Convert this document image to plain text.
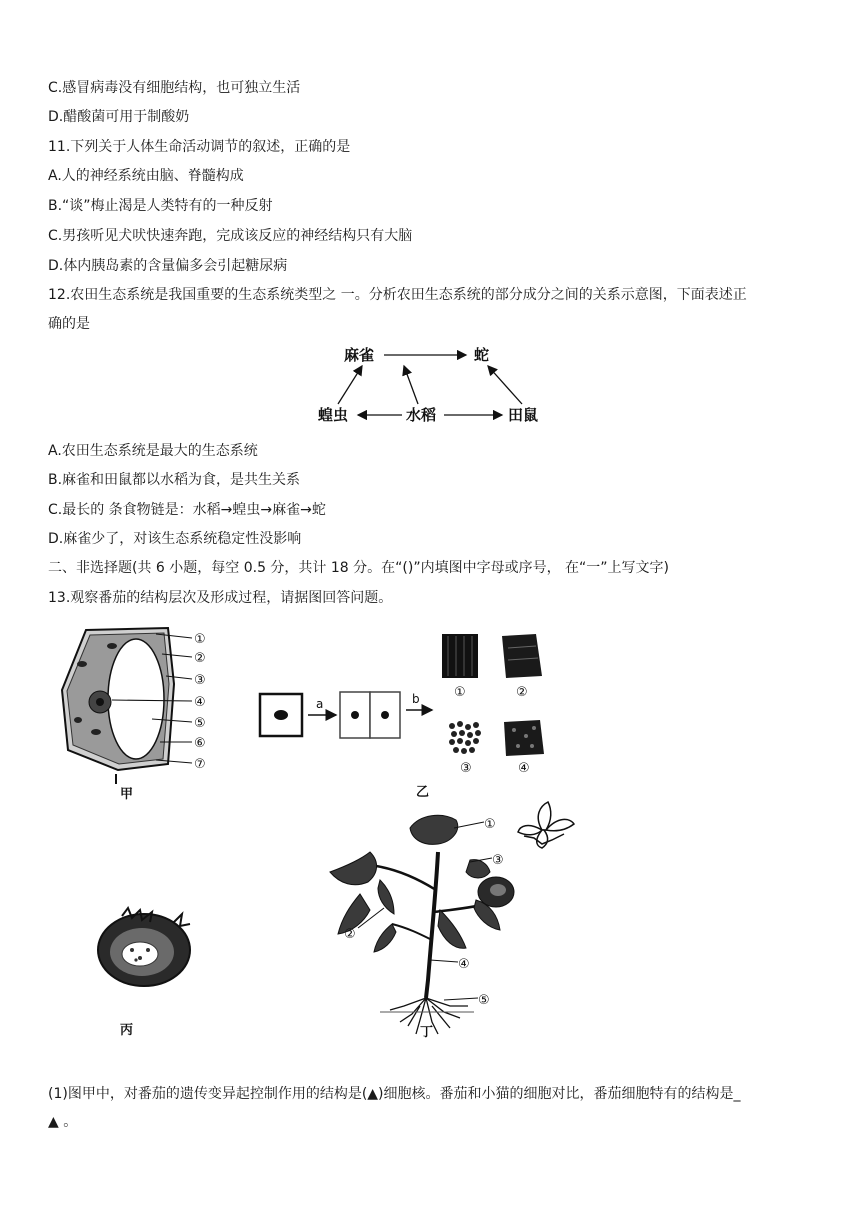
C.感冒病毒没有细胞结构，也可独立生活
D.醋酸菌可用于制酸奶
11.下列关于人体生命活动调节的叙述，正确的是
A.人的神经系统由脑、脊髓构成
B.“谈”梅止渴是人类特有的一种反射
C.男孩听见犬吠快速奔跑，完成该反应的神经结构只有大脑
D.体内胰岛素的含量偏多会引起糖尿病
12.农田生态系统是我国重要的生态系统类型之 一。分析农田生态系统的部分成分之间的关系示意图，下面表述正
确的是
麻雀	蛇
蝗虫	水稻	田鼠
A.农田生态系统是最大的生态系统
B.麻雀和田鼠都以水稻为食，是共生关系
C.最长的 条食物链是：水稻→蝗虫→麻雀→蛇
D.麻雀少了，对该生态系统稳定性没影响
二、非选择题(共 6 小题，每空 0.5 分，共计 18 分。在“()”内填图中字母或序号， 在“一”上写文字)
13.观察番茄的结构层次及形成过程，请据图回答问题。
①
②
③
④
⑤
⑥
⑦
甲
a	b	①	②
③	④
乙
丙
①
②
③
④
⑤
丁
(1)图甲中，对番茄的遗传变异起控制作用的结构是(▲)细胞核。番茄和小猫的细胞对比，番茄细胞特有的结构是_
▲ 。
